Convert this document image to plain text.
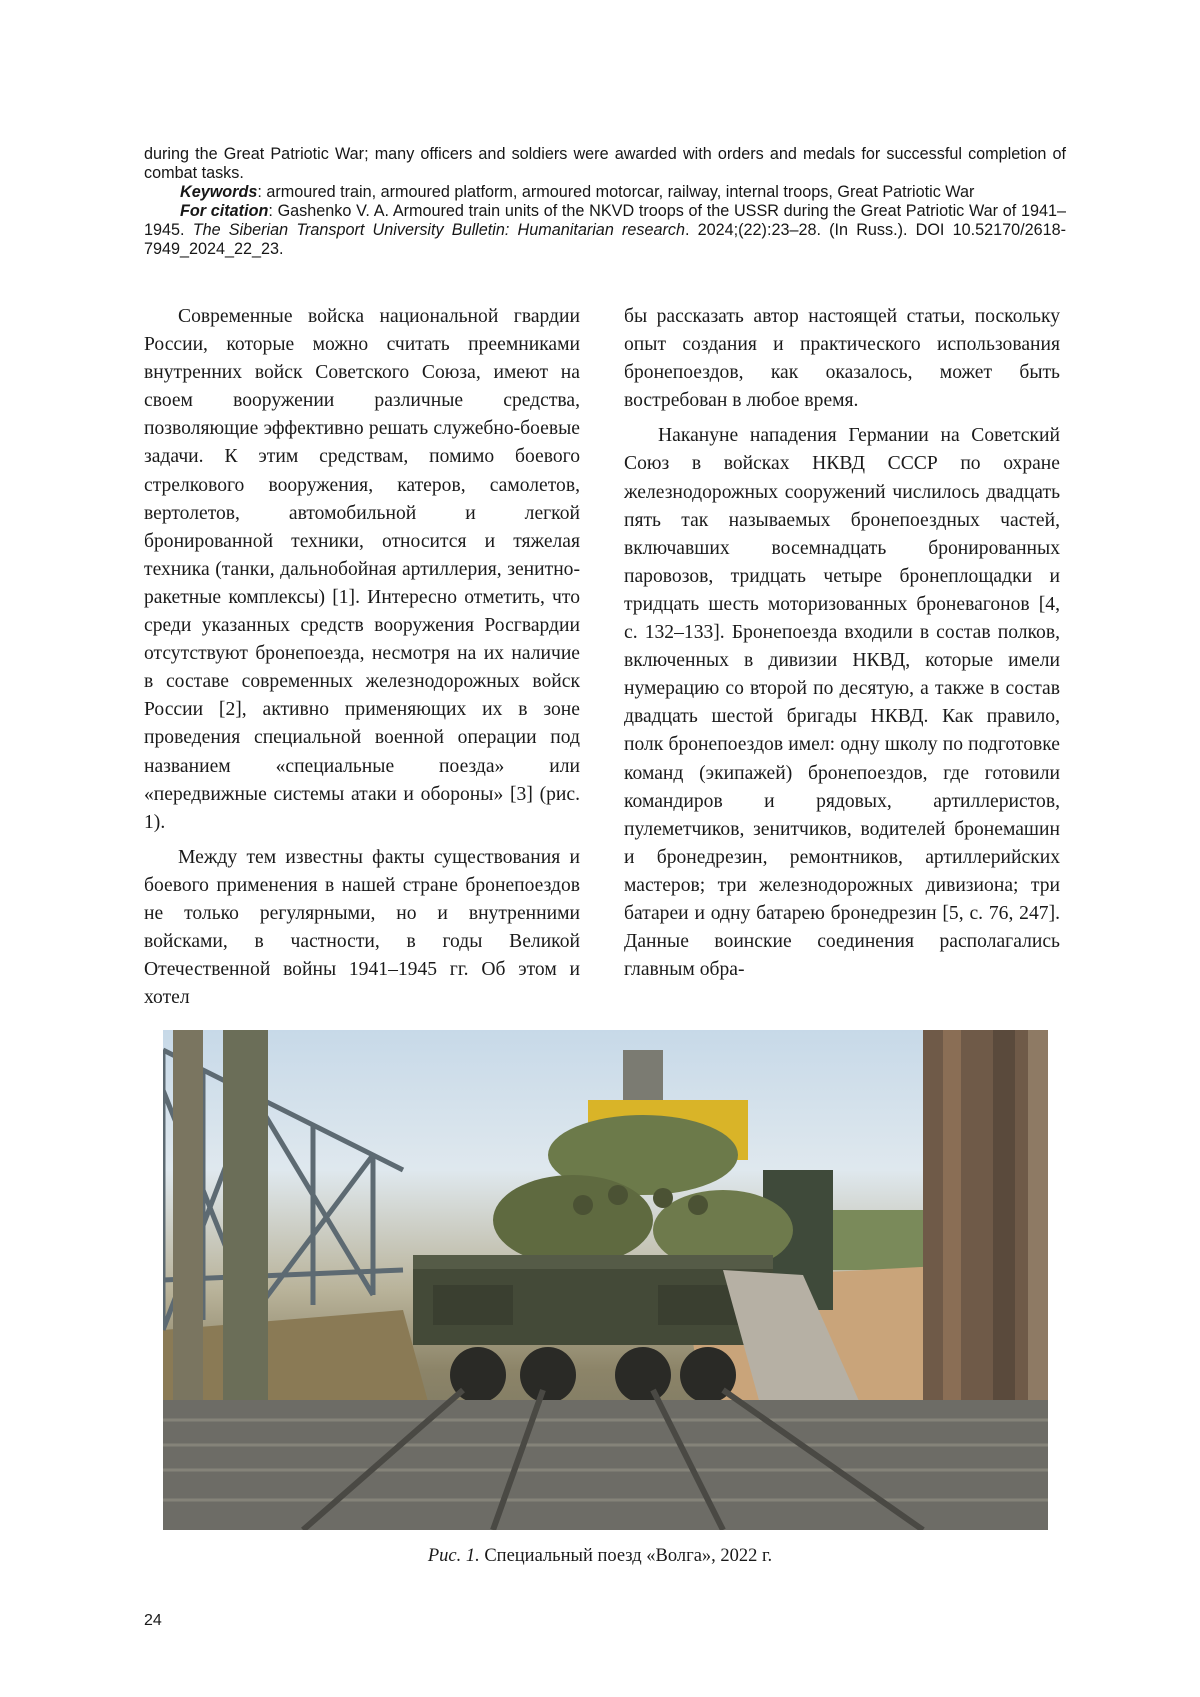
during the Great Patriotic War; many officers and soldiers were awarded with orders and medals for successful completion of combat tasks.

Keywords: armoured train, armoured platform, armoured motorcar, railway, internal troops, Great Patriotic War

For citation: Gashenko V. A. Armoured train units of the NKVD troops of the USSR during the Great Patriotic War of 1941–1945. The Siberian Transport University Bulletin: Humanitarian research. 2024;(22):23–28. (In Russ.). DOI 10.52170/2618-7949_2024_22_23.

Современные войска национальной гвардии России, которые можно считать преемниками внутренних войск Советского Союза, имеют на своем вооружении различные средства, позволяющие эффективно решать служебно-боевые задачи. К этим средствам, помимо боевого стрелкового вооружения, катеров, самолетов, вертолетов, автомобильной и легкой бронированной техники, относится и тяжелая техника (танки, дальнобойная артиллерия, зенитно-ракетные комплексы) [1]. Интересно отметить, что среди указанных средств вооружения Росгвардии отсутствуют бронепоезда, несмотря на их наличие в составе современных железнодорожных войск России [2], активно применяющих их в зоне проведения специальной военной операции под названием «специальные поезда» или «передвижные системы атаки и обороны» [3] (рис. 1).

Между тем известны факты существования и боевого применения в нашей стране бронепоездов не только регулярными, но и внутренними войсками, в частности, в годы Великой Отечественной войны 1941–1945 гг. Об этом и хотел

бы рассказать автор настоящей статьи, поскольку опыт создания и практического использования бронепоездов, как оказалось, может быть востребован в любое время.

Накануне нападения Германии на Советский Союз в войсках НКВД СССР по охране железнодорожных сооружений числилось двадцать пять так называемых бронепоездных частей, включавших восемнадцать бронированных паровозов, тридцать четыре бронеплощадки и тридцать шесть моторизованных броневагонов [4, с. 132–133]. Бронепоезда входили в состав полков, включенных в дивизии НКВД, которые имели нумерацию со второй по десятую, а также в состав двадцать шестой бригады НКВД. Как правило, полк бронепоездов имел: одну школу по подготовке команд (экипажей) бронепоездов, где готовили командиров и рядовых, артиллеристов, пулеметчиков, зенитчиков, водителей бронемашин и бронедрезин, ремонтников, артиллерийских мастеров; три железнодорожных дивизиона; три батареи и одну батарею бронедрезин [5, с. 76, 247]. Данные воинские соединения располагались главным обра-

Рис. 1. Специальный поезд «Волга», 2022 г.
24
